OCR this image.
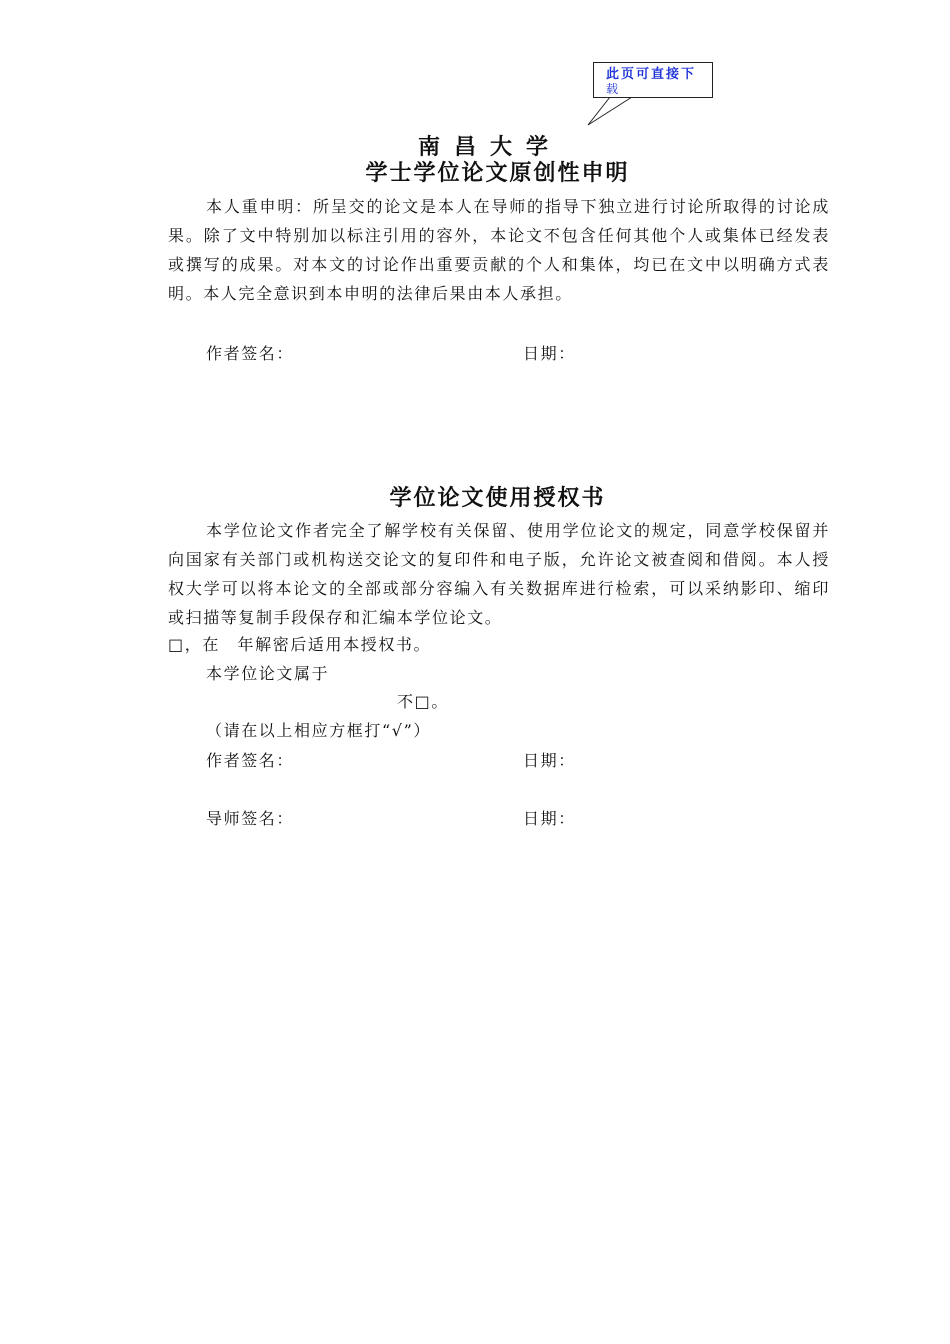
此页可直接下
载
南昌大学
学士学位论文原创性申明
本人重申明：所呈交的论文是本人在导师的指导下独立进行讨论所取得的讨论成果。除了文中特别加以标注引用的容外，本论文不包含任何其他个人或集体已经发表或撰写的成果。对本文的讨论作出重要贡献的个人和集体，均已在文中以明确方式表明。本人完全意识到本申明的法律后果由本人承担。
作者签名：	日期：
学位论文使用授权书
本学位论文作者完全了解学校有关保留、使用学位论文的规定，同意学校保留并向国家有关部门或机构送交论文的复印件和电子版，允许论文被查阅和借阅。本人授权大学可以将本论文的全部或部分容编入有关数据库进行检索，可以采纳影印、缩印或扫描等复制手段保存和汇编本学位论文。
□，在　年解密后适用本授权书。
本学位论文属于
不□。
（请在以上相应方框打“√”）
作者签名：	日期：
导师签名：	日期：
